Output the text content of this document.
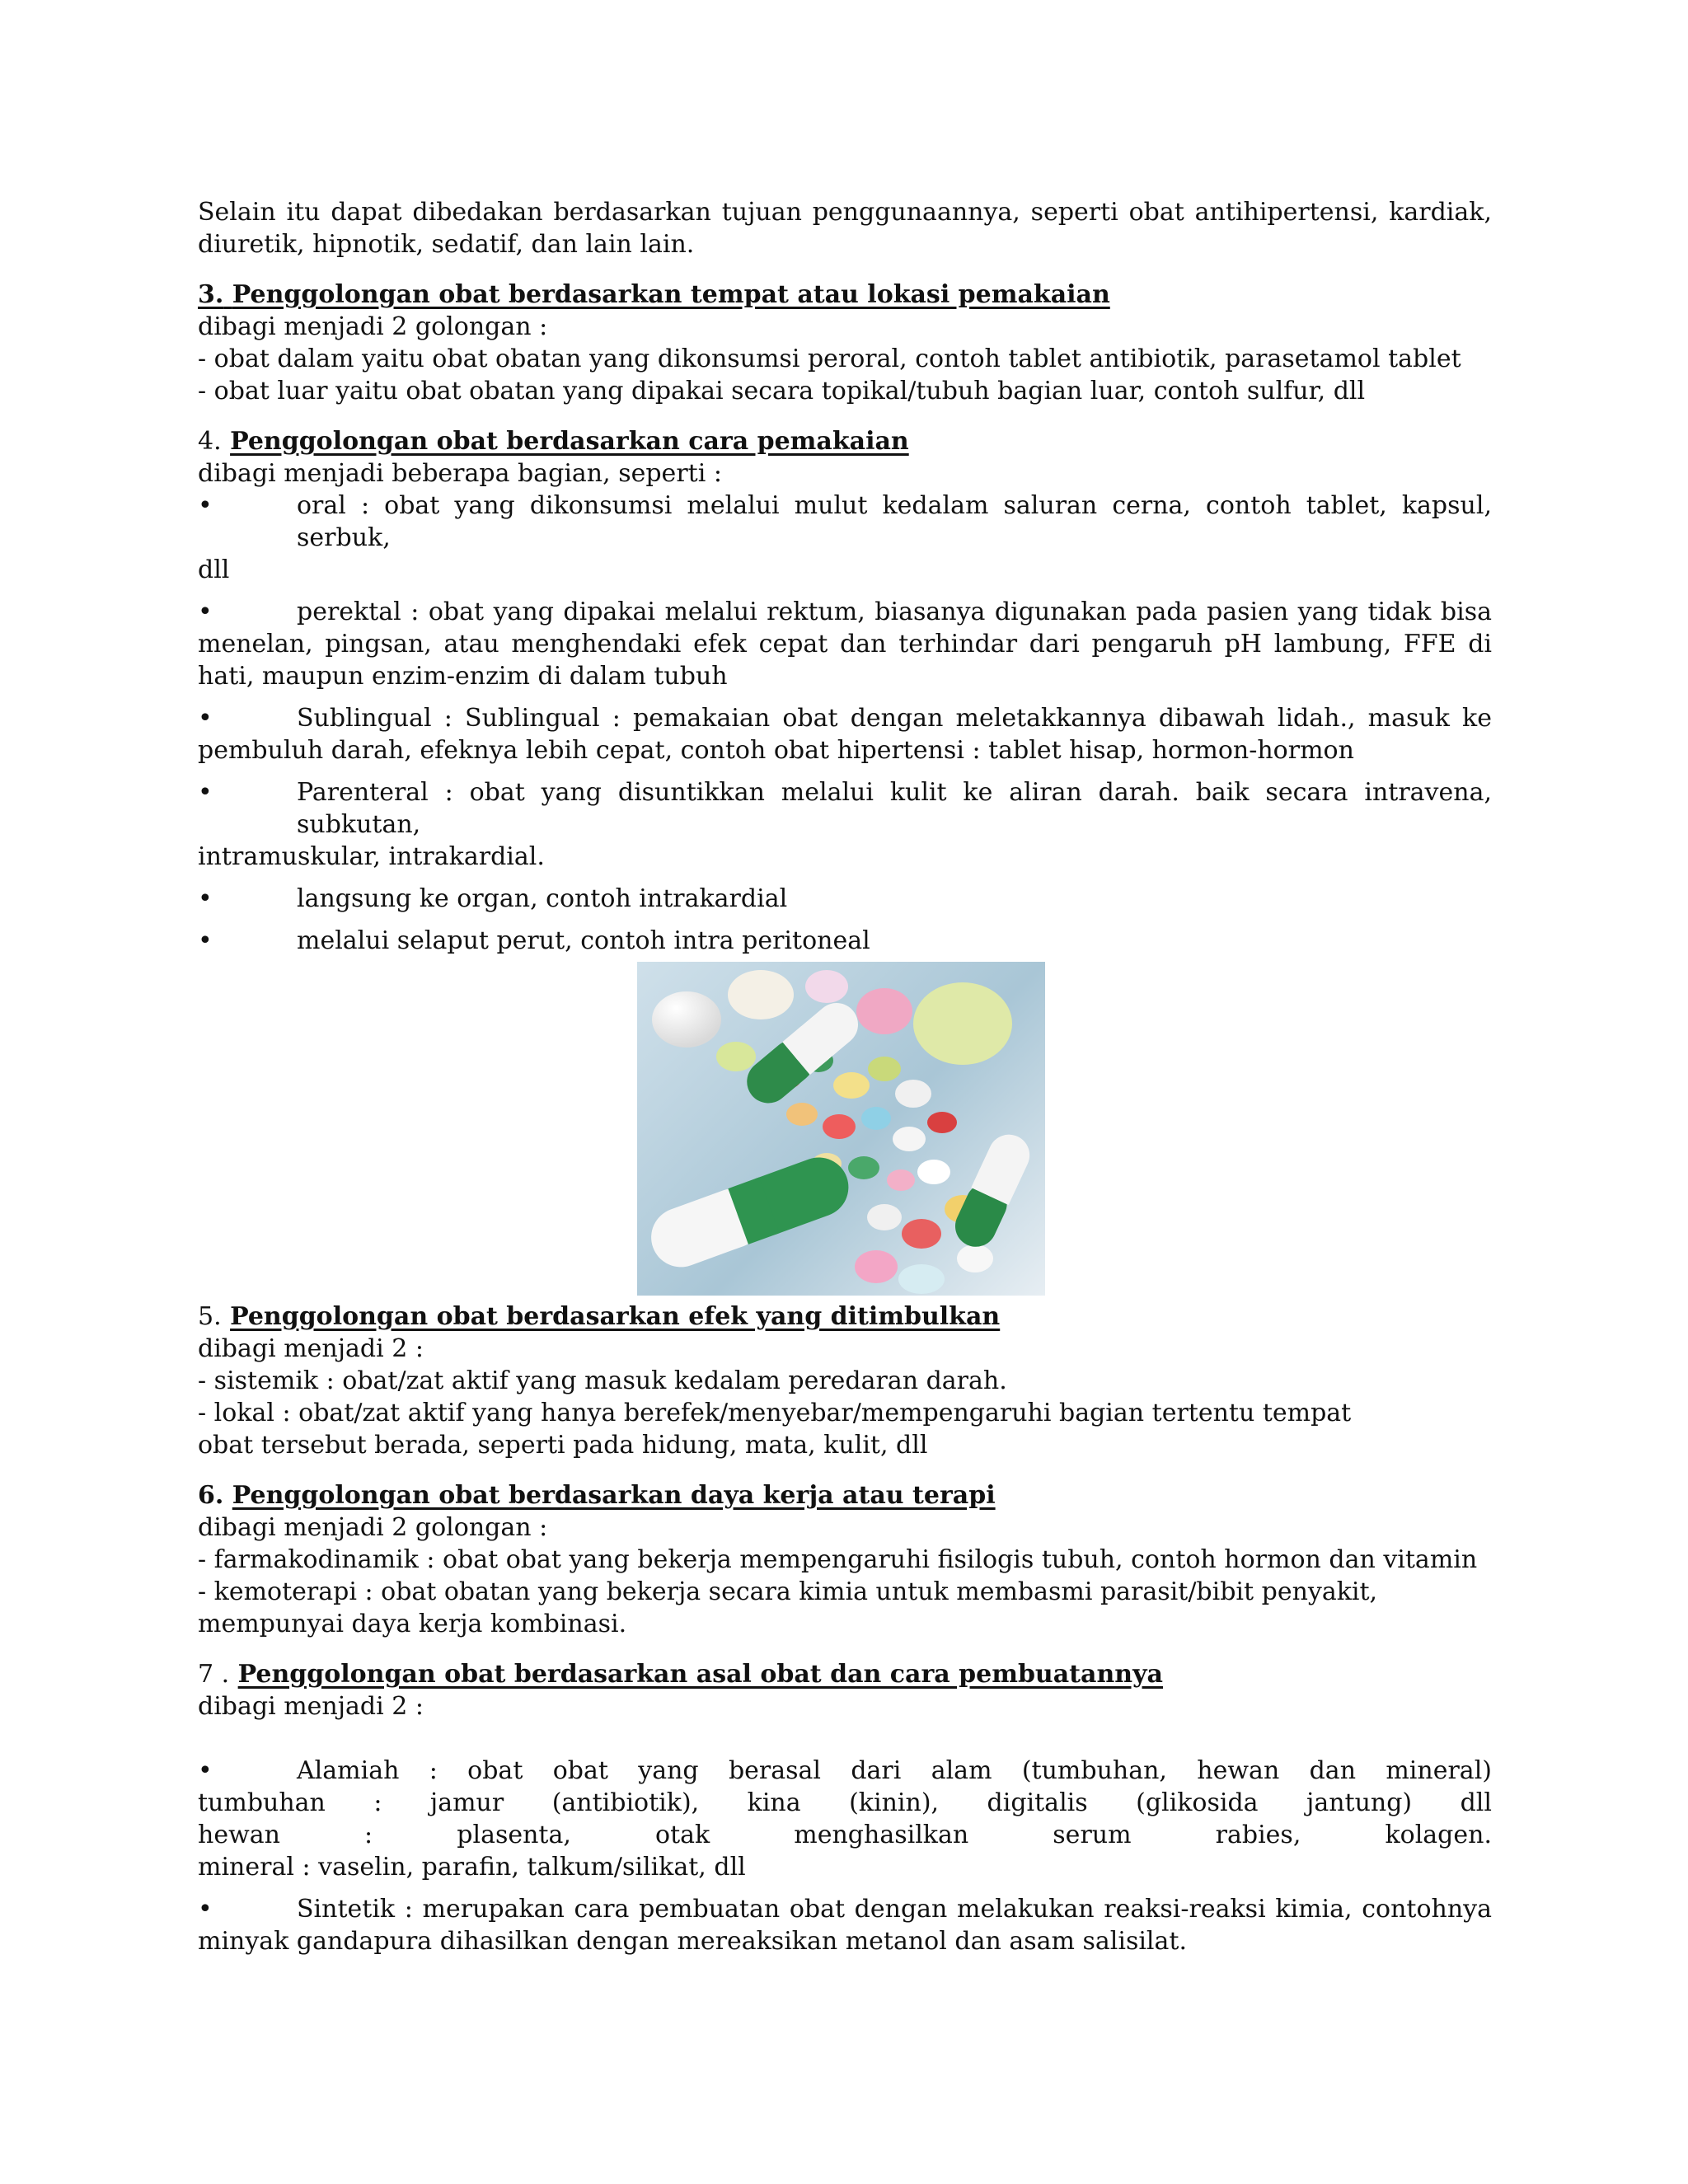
Selain itu dapat dibedakan berdasarkan tujuan penggunaannya, seperti obat antihipertensi, kardiak, diuretik, hipnotik, sedatif, dan lain lain.

3. Penggolongan obat berdasarkan tempat atau lokasi pemakaian

dibagi menjadi 2 golongan :

- obat dalam yaitu obat obatan yang dikonsumsi peroral, contoh tablet antibiotik, parasetamol tablet

- obat luar yaitu obat obatan yang dipakai secara topikal/tubuh bagian luar, contoh sulfur, dll

4. Penggolongan obat berdasarkan cara pemakaian

dibagi menjadi beberapa bagian, seperti :

•	oral : obat yang dikonsumsi melalui mulut kedalam saluran cerna, contoh tablet, kapsul, serbuk,
dll
•	perektal : obat yang dipakai melalui rektum, biasanya digunakan pada pasien yang tidak bisa
menelan, pingsan, atau menghendaki efek cepat dan terhindar dari pengaruh pH lambung, FFE di hati, maupun enzim-enzim di dalam tubuh
•	Sublingual : Sublingual : pemakaian obat dengan meletakkannya dibawah lidah., masuk ke
pembuluh darah, efeknya lebih cepat, contoh obat hipertensi : tablet hisap, hormon-hormon
•	Parenteral : obat yang disuntikkan melalui kulit ke aliran darah. baik secara intravena, subkutan,
intramuskular, intrakardial.
•	langsung ke organ, contoh intrakardial
•	melalui selaput perut, contoh intra peritoneal

5. Penggolongan obat berdasarkan efek yang ditimbulkan

dibagi menjadi 2 :

- sistemik : obat/zat aktif yang masuk kedalam peredaran darah.

- lokal : obat/zat aktif yang hanya berefek/menyebar/mempengaruhi bagian tertentu tempat obat tersebut berada, seperti pada hidung, mata, kulit, dll

6. Penggolongan obat berdasarkan daya kerja atau terapi

dibagi menjadi 2 golongan :

- farmakodinamik : obat obat yang bekerja mempengaruhi fisilogis tubuh, contoh hormon dan vitamin

- kemoterapi : obat obatan yang bekerja secara kimia untuk membasmi parasit/bibit penyakit, mempunyai daya kerja kombinasi.

7 . Penggolongan obat berdasarkan asal obat dan cara pembuatannya

dibagi menjadi 2 :

•	Alamiah : obat obat yang berasal dari alam (tumbuhan, hewan dan mineral)
tumbuhan : jamur (antibiotik), kina (kinin), digitalis (glikosida jantung) dll
hewan : plasenta, otak menghasilkan serum rabies, kolagen.
mineral : vaselin, parafin, talkum/silikat, dll
•	Sintetik : merupakan cara pembuatan obat dengan melakukan reaksi-reaksi kimia, contohnya
minyak gandapura dihasilkan dengan mereaksikan metanol dan asam salisilat.
